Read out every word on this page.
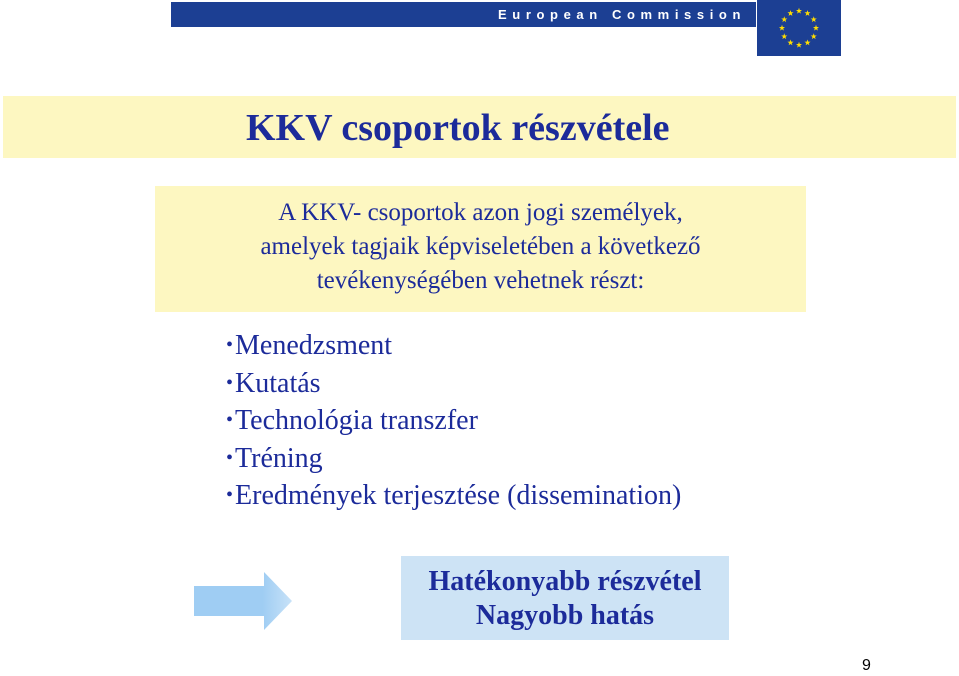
European Commission
KKV csoportok részvétele
A KKV- csoportok azon jogi személyek,
amelyek tagjaik képviseletében a következő
tevékenységében vehetnek részt:
•Menedzsment
•Kutatás
•Technológia transzfer
•Tréning
•Eredmények terjesztése (dissemination)
Hatékonyabb részvétel
Nagyobb hatás
9
